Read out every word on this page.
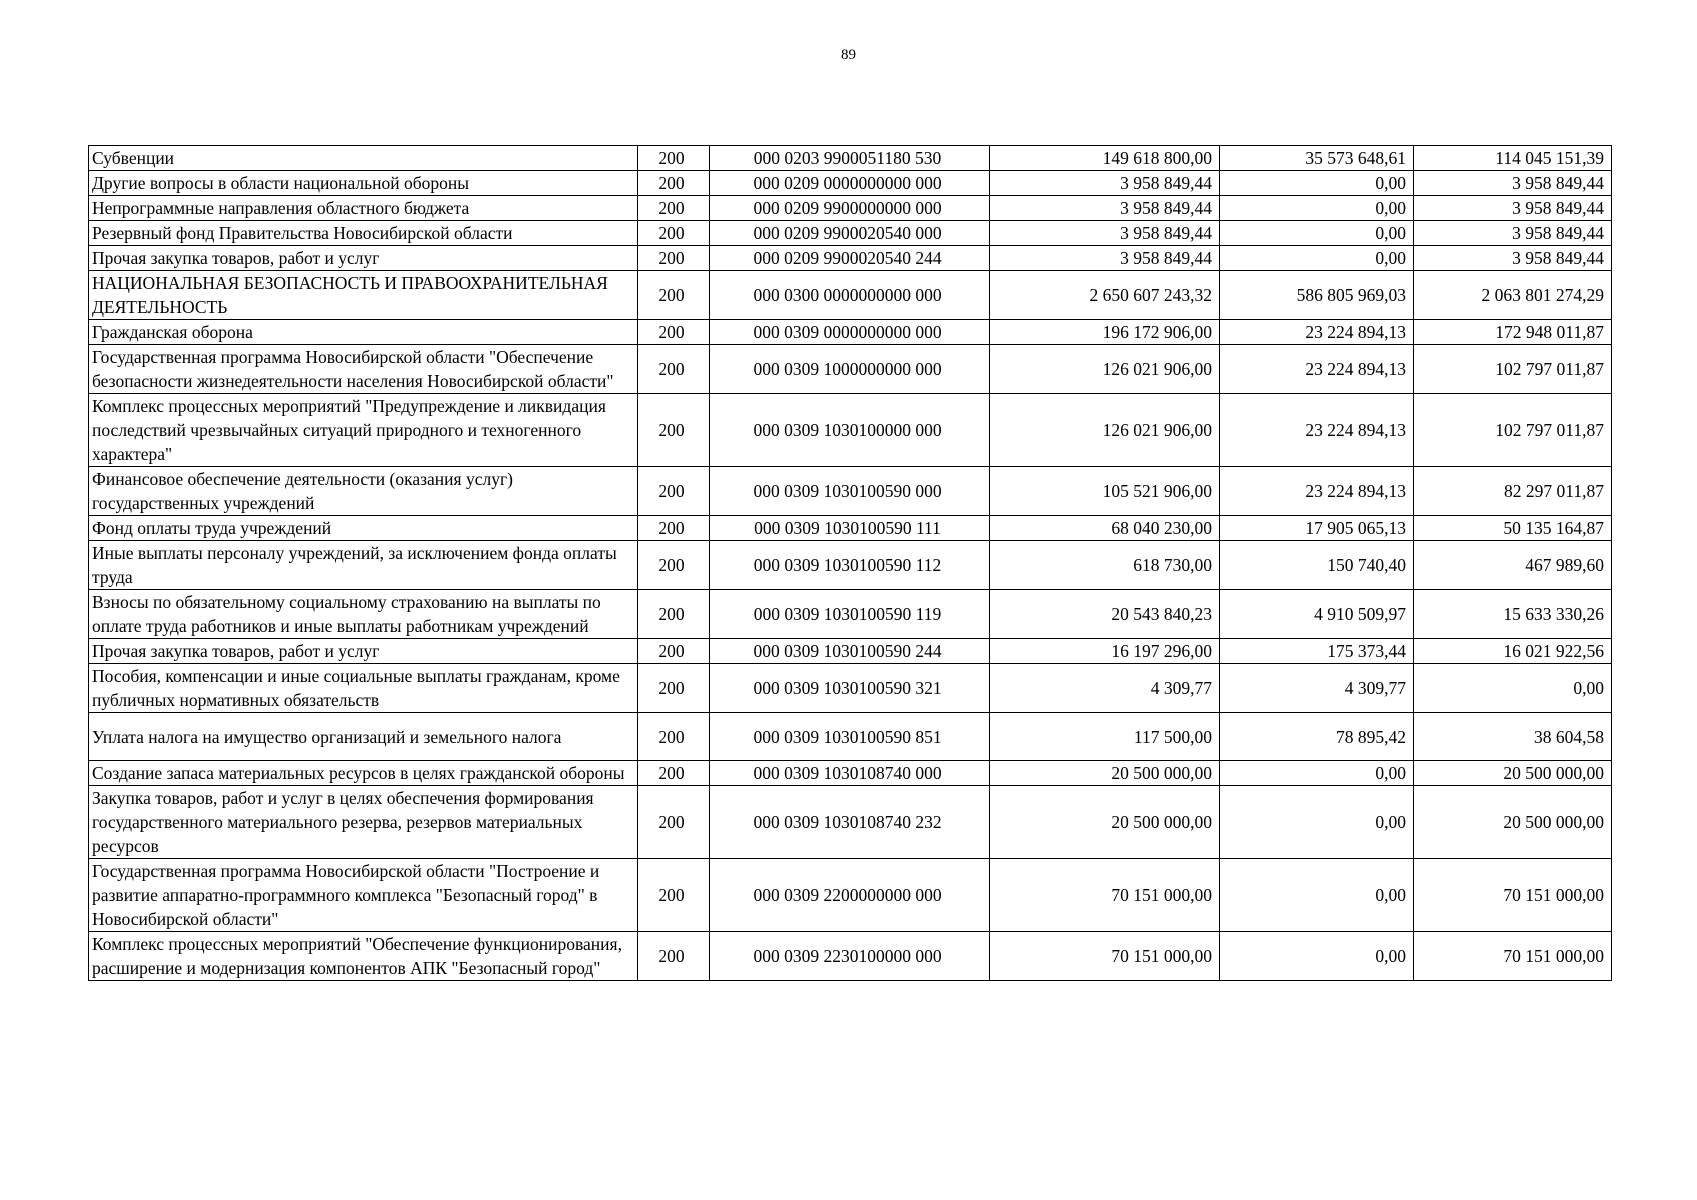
89
Субвенции	200	000 0203 9900051180 530	149 618 800,00	35 573 648,61	114 045 151,39
Другие вопросы в области национальной обороны	200	000 0209 0000000000 000	3 958 849,44	0,00	3 958 849,44
Непрограммные направления областного бюджета	200	000 0209 9900000000 000	3 958 849,44	0,00	3 958 849,44
Резервный фонд Правительства Новосибирской области	200	000 0209 9900020540 000	3 958 849,44	0,00	3 958 849,44
Прочая закупка товаров, работ и услуг	200	000 0209 9900020540 244	3 958 849,44	0,00	3 958 849,44
НАЦИОНАЛЬНАЯ БЕЗОПАСНОСТЬ И ПРАВООХРАНИТЕЛЬНАЯ ДЕЯТЕЛЬНОСТЬ	200	000 0300 0000000000 000	2 650 607 243,32	586 805 969,03	2 063 801 274,29
Гражданская оборона	200	000 0309 0000000000 000	196 172 906,00	23 224 894,13	172 948 011,87
Государственная программа Новосибирской области "Обеспечение безопасности жизнедеятельности населения Новосибирской области"	200	000 0309 1000000000 000	126 021 906,00	23 224 894,13	102 797 011,87
Комплекс процессных мероприятий "Предупреждение и ликвидация последствий чрезвычайных ситуаций природного и техногенного характера"	200	000 0309 1030100000 000	126 021 906,00	23 224 894,13	102 797 011,87
Финансовое обеспечение деятельности (оказания услуг) государственных учреждений	200	000 0309 1030100590 000	105 521 906,00	23 224 894,13	82 297 011,87
Фонд оплаты труда учреждений	200	000 0309 1030100590 111	68 040 230,00	17 905 065,13	50 135 164,87
Иные выплаты персоналу учреждений, за исключением фонда оплаты труда	200	000 0309 1030100590 112	618 730,00	150 740,40	467 989,60
Взносы по обязательному социальному страхованию на выплаты по оплате труда работников и иные выплаты работникам учреждений	200	000 0309 1030100590 119	20 543 840,23	4 910 509,97	15 633 330,26
Прочая закупка товаров, работ и услуг	200	000 0309 1030100590 244	16 197 296,00	175 373,44	16 021 922,56
Пособия, компенсации и иные социальные выплаты гражданам, кроме публичных нормативных обязательств	200	000 0309 1030100590 321	4 309,77	4 309,77	0,00
Уплата налога на имущество организаций и земельного налога	200	000 0309 1030100590 851	117 500,00	78 895,42	38 604,58
Создание запаса материальных ресурсов в целях гражданской обороны	200	000 0309 1030108740 000	20 500 000,00	0,00	20 500 000,00
Закупка товаров, работ и услуг в целях обеспечения формирования государственного материального резерва, резервов материальных ресурсов	200	000 0309 1030108740 232	20 500 000,00	0,00	20 500 000,00
Государственная программа Новосибирской области "Построение и развитие аппаратно-программного комплекса "Безопасный город" в Новосибирской области"	200	000 0309 2200000000 000	70 151 000,00	0,00	70 151 000,00
Комплекс процессных мероприятий "Обеспечение функционирования, расширение и модернизация компонентов АПК "Безопасный город"	200	000 0309 2230100000 000	70 151 000,00	0,00	70 151 000,00
